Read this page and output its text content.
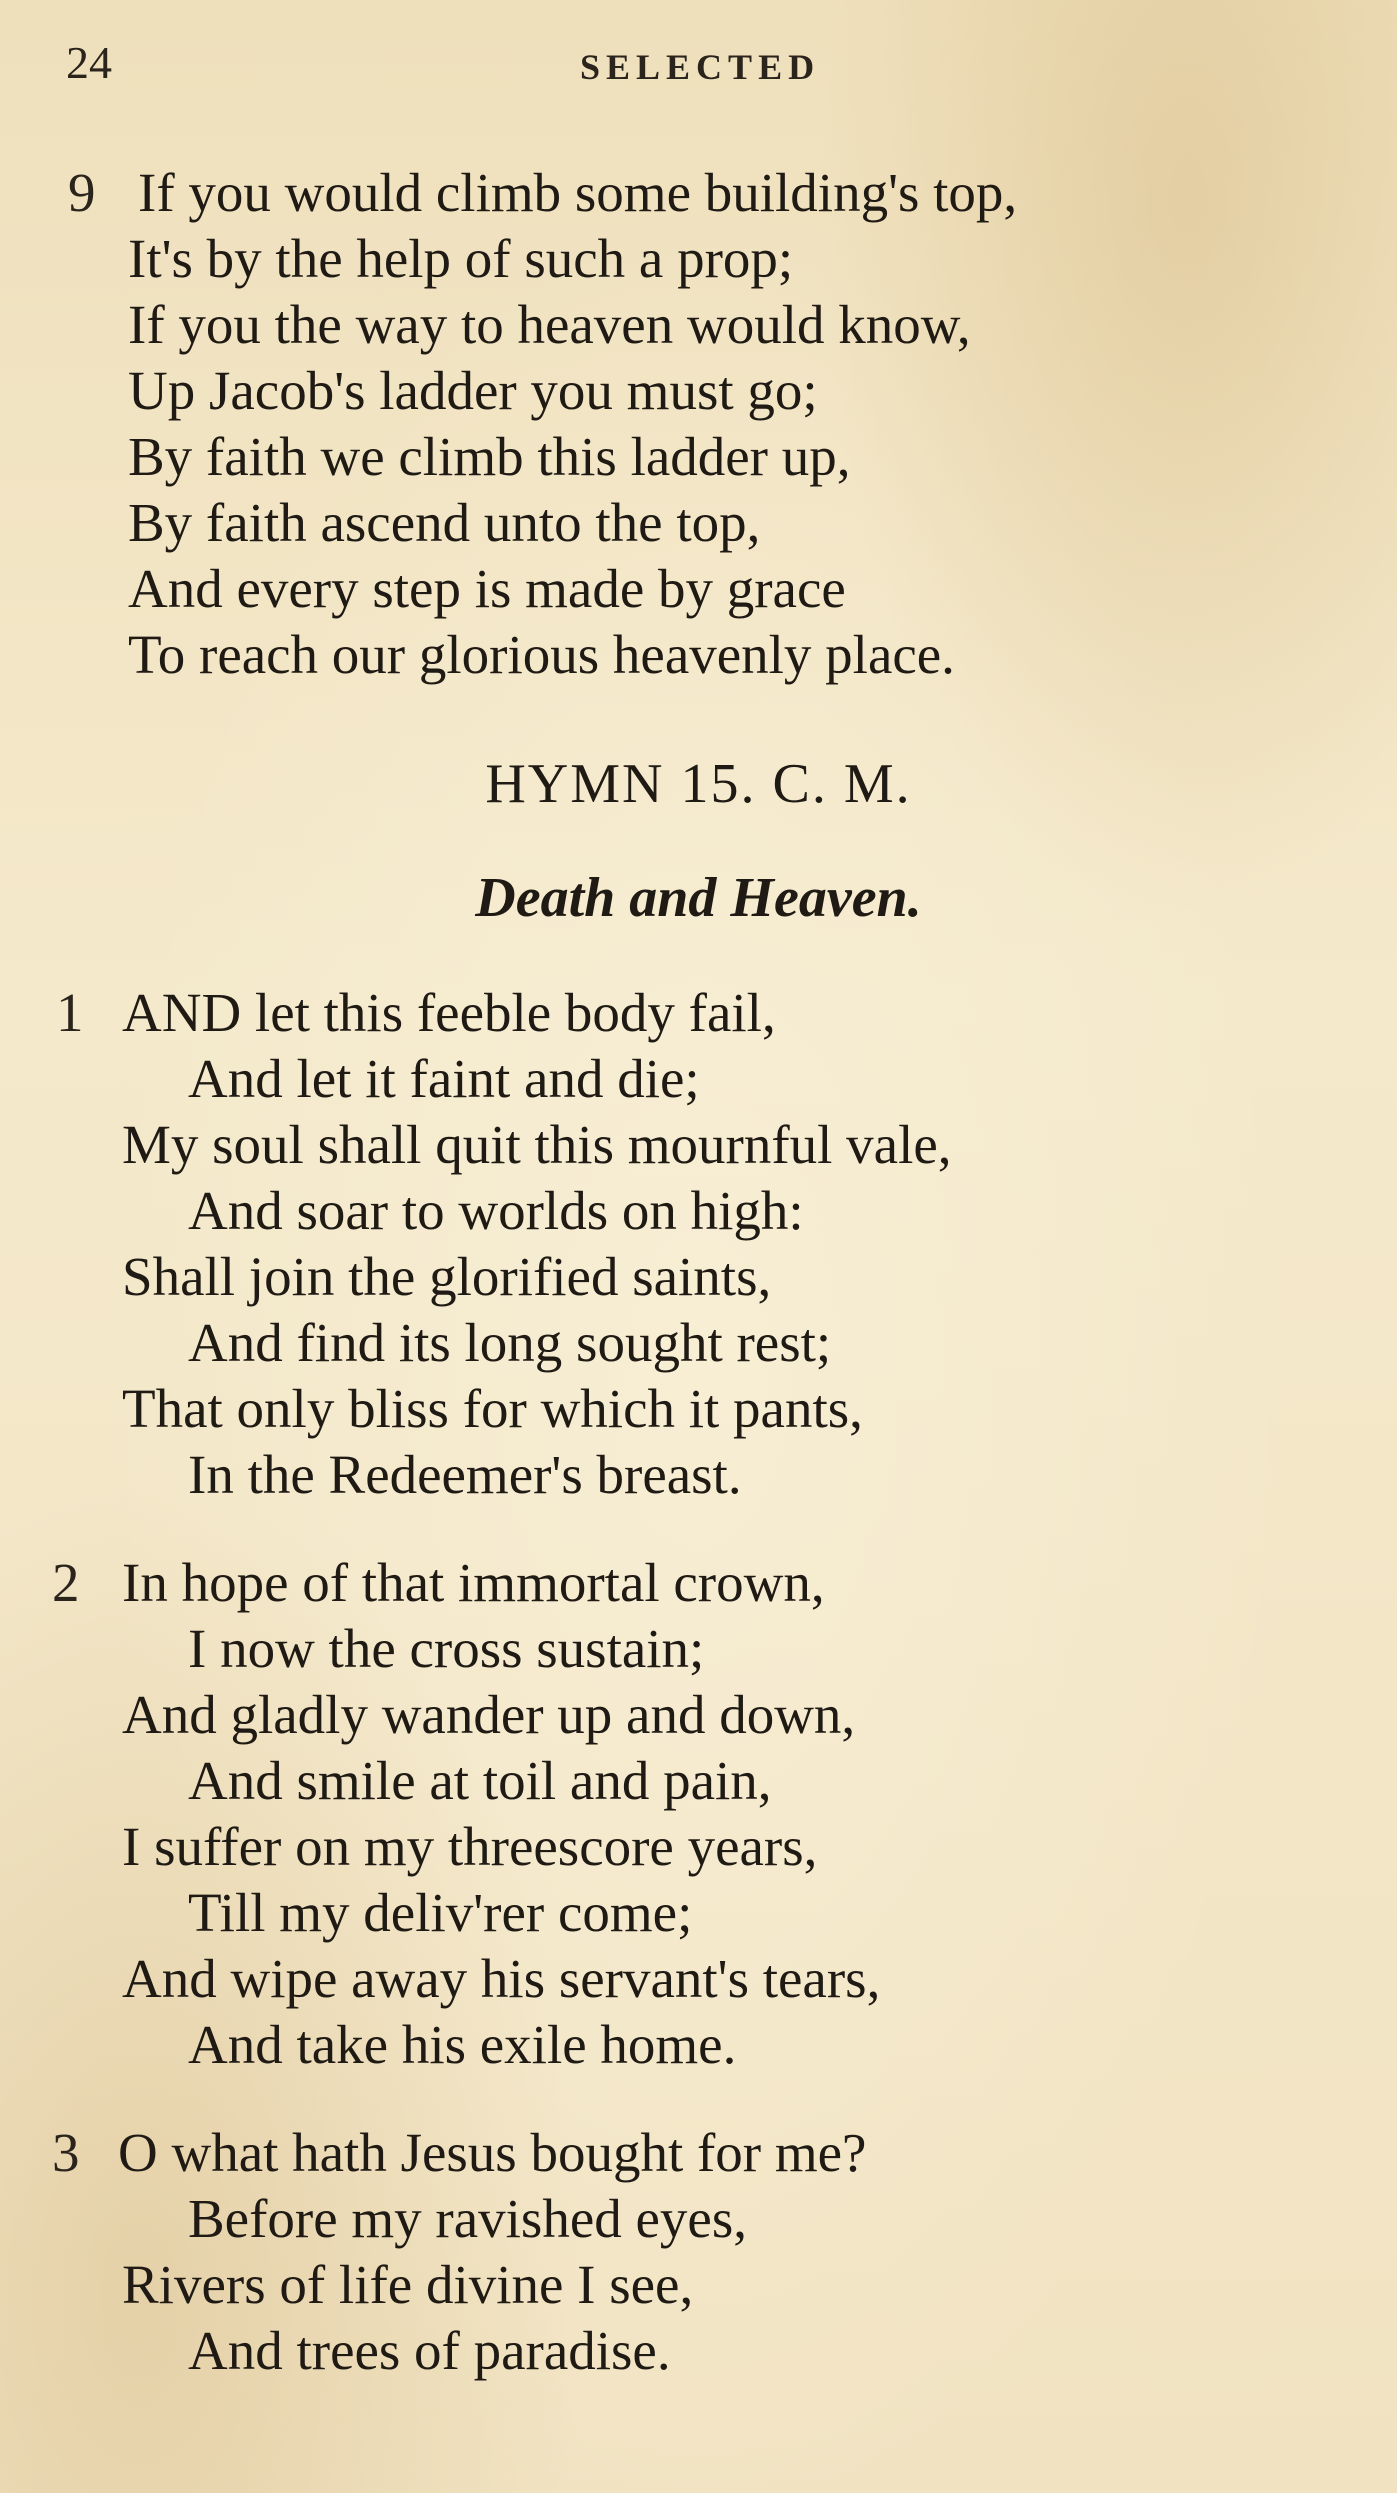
24	SELECTED
9 If you would climb some building's top,
It's by the help of such a prop;
If you the way to heaven would know,
Up Jacob's ladder you must go;
By faith we climb this ladder up,
By faith ascend unto the top,
And every step is made by grace
To reach our glorious heavenly place.
HYMN 15. C. M.
Death and Heaven.
1 AND let this feeble body fail,
And let it faint and die;
My soul shall quit this mournful vale,
And soar to worlds on high:
Shall join the glorified saints,
And find its long sought rest;
That only bliss for which it pants,
In the Redeemer's breast.
2 In hope of that immortal crown,
I now the cross sustain;
And gladly wander up and down,
And smile at toil and pain,
I suffer on my threescore years,
Till my deliv'rer come;
And wipe away his servant's tears,
And take his exile home.
3 O what hath Jesus bought for me?
Before my ravished eyes,
Rivers of life divine I see,
And trees of paradise.
